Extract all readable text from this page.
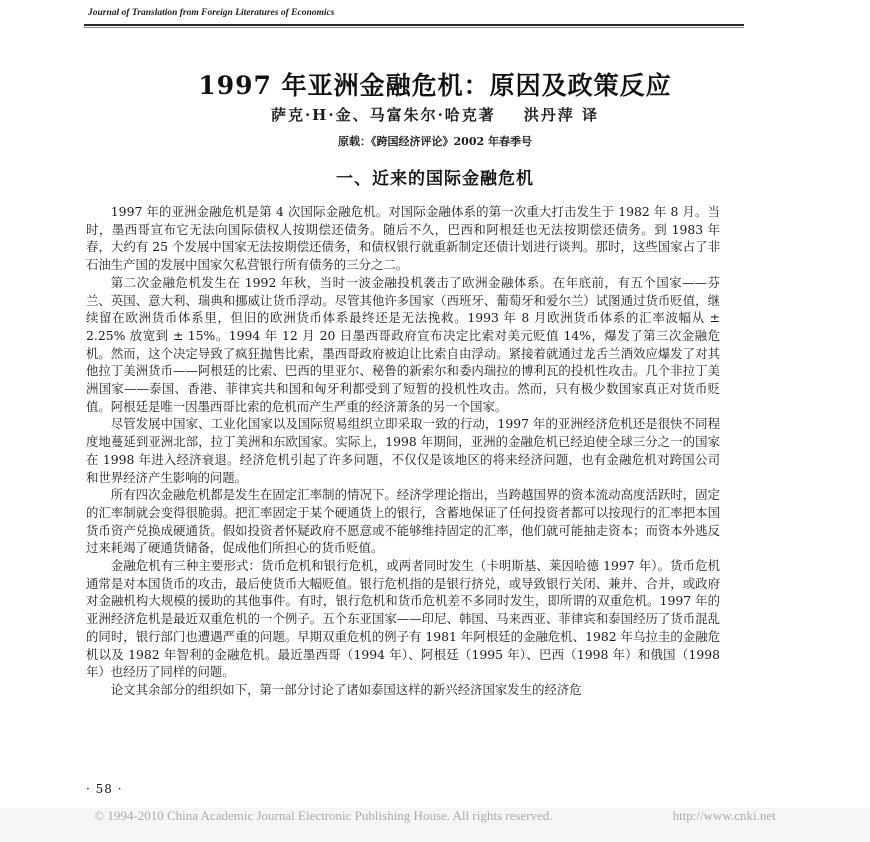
Journal of Translation from Foreign Literatures of Economics
1997 年亚洲金融危机：原因及政策反应
萨克·H·金、马富朱尔·哈克著 洪丹萍 译
原载：《跨国经济评论》2002 年春季号
一、近来的国际金融危机

1997 年的亚洲金融危机是第 4 次国际金融危机。对国际金融体系的第一次重大打击发生于 1982 年 8 月。当时，墨西哥宣布它无法向国际债权人按期偿还债务。随后不久，巴西和阿根廷也无法按期偿还债务。到 1983 年春，大约有 25 个发展中国家无法按期偿还债务，和债权银行就重新制定还债计划进行谈判。那时，这些国家占了非石油生产国的发展中国家欠私营银行所有债务的三分之二。

第二次金融危机发生在 1992 年秋，当时一波金融投机袭击了欧洲金融体系。在年底前，有五个国家——芬兰、英国、意大利、瑞典和挪威让货币浮动。尽管其他许多国家（西班牙、葡萄牙和爱尔兰）试图通过货币贬值，继续留在欧洲货币体系里，但旧的欧洲货币体系最终还是无法挽救。1993 年 8 月欧洲货币体系的汇率波幅从 ± 2.25% 放宽到 ± 15%。1994 年 12 月 20 日墨西哥政府宣布决定比索对美元贬值 14%，爆发了第三次金融危机。然而，这个决定导致了疯狂抛售比索，墨西哥政府被迫让比索自由浮动。紧接着就通过龙舌兰酒效应爆发了对其他拉丁美洲货币——阿根廷的比索、巴西的里亚尔、秘鲁的新索尔和委内瑞拉的博利瓦的投机性攻击。几个非拉丁美洲国家——泰国、香港、菲律宾共和国和匈牙利都受到了短暂的投机性攻击。然而，只有极少数国家真正对货币贬值。阿根廷是唯一因墨西哥比索的危机而产生严重的经济萧条的另一个国家。

尽管发展中国家、工业化国家以及国际贸易组织立即采取一致的行动，1997 年的亚洲经济危机还是很快不同程度地蔓延到亚洲北部，拉丁美洲和东欧国家。实际上，1998 年期间，亚洲的金融危机已经迫使全球三分之一的国家在 1998 年进入经济衰退。经济危机引起了许多问题，不仅仅是该地区的将来经济问题，也有金融危机对跨国公司和世界经济产生影响的问题。

所有四次金融危机都是发生在固定汇率制的情况下。经济学理论指出，当跨越国界的资本流动高度活跃时，固定的汇率制就会变得很脆弱。把汇率固定于某个硬通货上的银行，含蓄地保证了任何投资者都可以按现行的汇率把本国货币资产兑换成硬通货。假如投资者怀疑政府不愿意或不能够维持固定的汇率，他们就可能抽走资本；而资本外逃反过来耗竭了硬通货储备，促成他们所担心的货币贬值。

金融危机有三种主要形式：货币危机和银行危机，或两者同时发生（卡明斯基、莱因哈德 1997 年）。货币危机通常是对本国货币的攻击，最后使货币大幅贬值。银行危机指的是银行挤兑，或导致银行关闭、兼并、合并，或政府对金融机构大规模的援助的其他事件。有时，银行危机和货币危机差不多同时发生，即所谓的双重危机。1997 年的亚洲经济危机是最近双重危机的一个例子。五个东亚国家——印尼、韩国、马来西亚、菲律宾和泰国经历了货币混乱的同时，银行部门也遭遇严重的问题。早期双重危机的例子有 1981 年阿根廷的金融危机、1982 年乌拉圭的金融危机以及 1982 年智利的金融危机。最近墨西哥（1994 年）、阿根廷（1995 年）、巴西（1998 年）和俄国（1998 年）也经历了同样的问题。

论文其余部分的组织如下，第一部分讨论了诸如泰国这样的新兴经济国家发生的经济危

· 58 ·
© 1994-2010 China Academic Journal Electronic Publishing House. All rights reserved.	http://www.cnki.net
